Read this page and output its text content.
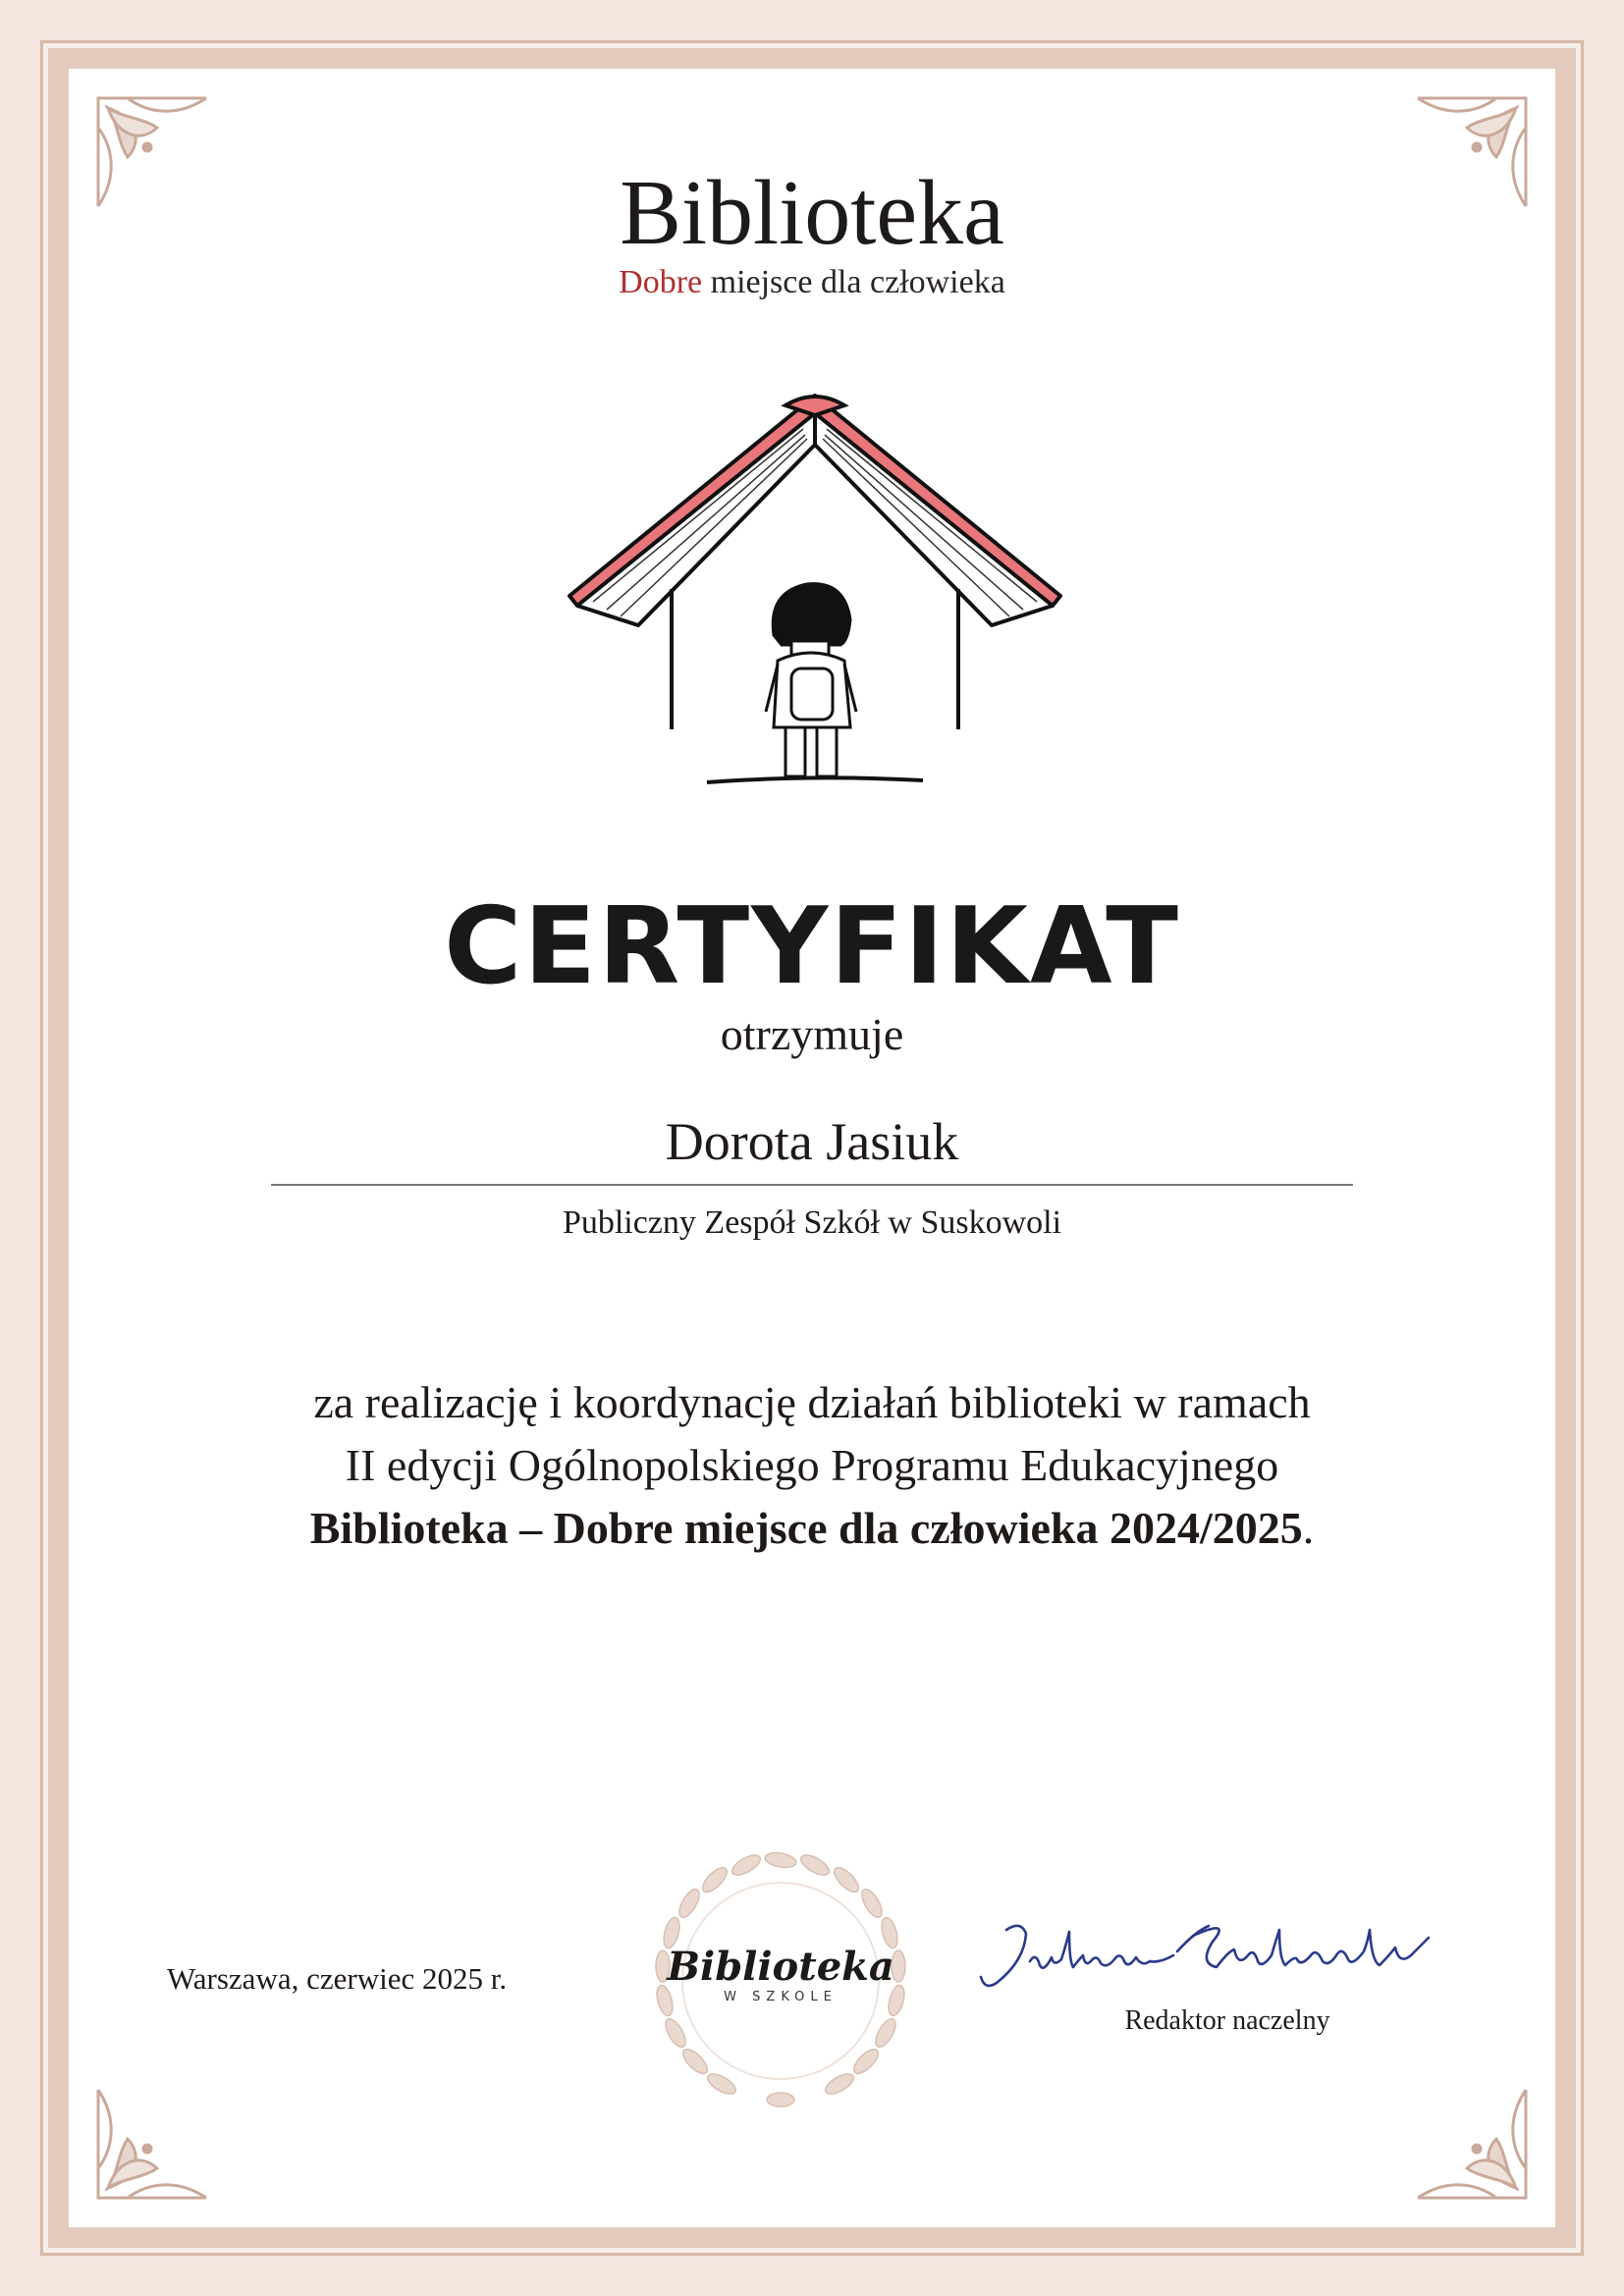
Biblioteka
Dobre miejsce dla człowieka
CERTYFIKAT
otrzymuje
Dorota Jasiuk
Publiczny Zespół Szkół w Suskowoli
za realizację i koordynację działań biblioteki w ramach
II edycji Ogólnopolskiego Programu Edukacyjnego
Biblioteka – Dobre miejsce dla człowieka 2024/2025.
Warszawa, czerwiec 2025 r.	Biblioteka
W SZKOLE
Redaktor naczelny
